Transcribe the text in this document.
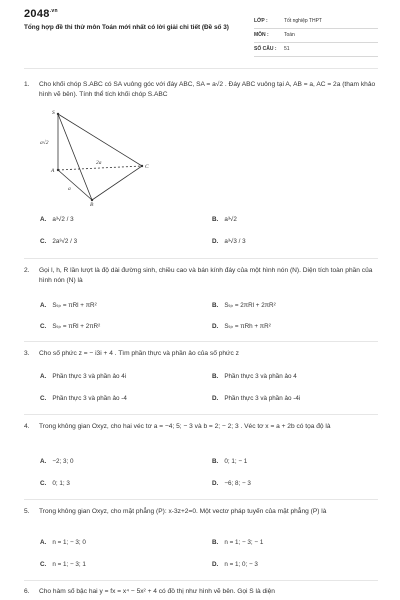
$2048^{.vn}$
Tổng hợp đề thi thử môn Toán mới nhất có lời giải chi tiết (Đề số 3)
LỚP :	Tốt nghiệp THPT
MÔN :	Toán
SỐ CÂU : 51
1. Cho khối chóp S.ABC có SA vuông góc với đáy ABC, SA = a√2 . Đáy ABC vuông tại A, AB = a, AC = 2a (tham khảo hình vẽ bên). Tính thể tích khối chóp S.ABC
S
A
B
C
a√2
2a
a
A. a³√2 / 3	B. a³√2
C. 2a³√2 / 3	D. a³√3 / 3
2. Gọi l, h, R lần lượt là độ dài đường sinh, chiều cao và bán kính đáy của một hình nón (N). Diện tích toàn phần của hình nón (N) là
A. Sₜₚ = πRl + πR²	B. Sₜₚ = 2πRl + 2πR²
C. Sₜₚ = πRl + 2πR²	D. Sₜₚ = πRh + πR²
3. Cho số phức z = − i3i + 4 . Tìm phần thực và phần ảo của số phức z
A. Phần thực 3 và phần ảo 4i	B. Phần thực 3 và phần ảo 4
C. Phần thực 3 và phần ảo -4	D. Phần thực 3 và phần ảo -4i
4. Trong không gian Oxyz, cho hai véc tơ a = −4; 5; − 3 và b = 2; − 2; 3 . Véc tơ x = a + 2b có tọa độ là
A. −2; 3; 0	B. 0; 1; − 1
C. 0; 1; 3	D. −6; 8; − 3
5. Trong không gian Oxyz, cho mặt phẳng (P): x-3z+2=0. Một vectơ pháp tuyến của mặt phẳng (P) là
A. n = 1; − 3; 0	B. n = 1; − 3; − 1
C. n = 1; − 3; 1	D. n = 1; 0; − 3
6. Cho hàm số bậc hai y = fx = x⁴ − 5x² + 4 có đồ thị như hình vẽ bên. Gọi S là diện
